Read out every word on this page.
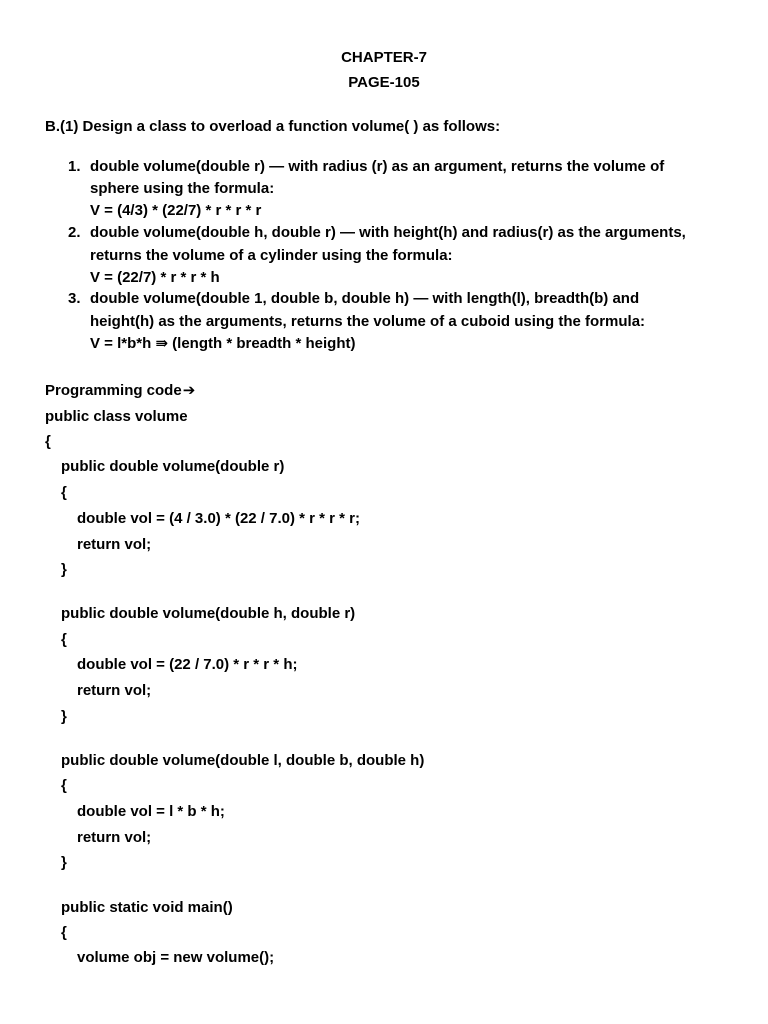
CHAPTER-7
PAGE-105
B.(1) Design a class to overload a function volume( ) as follows:
1. double volume(double r) — with radius (r) as an argument, returns the volume of
sphere using the formula:
V = (4/3) * (22/7) * r * r * r
2. double volume(double h, double r) — with height(h) and radius(r) as the arguments,
returns the volume of a cylinder using the formula:
V = (22/7) * r * r * h
3. double volume(double 1, double b, double h) — with length(l), breadth(b) and
height(h) as the arguments, returns the volume of a cuboid using the formula:
V = l*b*h ⇛ (length * breadth * height)
Programming code➔
public class volume
{
public double volume(double r)
{
double vol = (4 / 3.0) * (22 / 7.0) * r * r * r;
return vol;
}
public double volume(double h, double r)
{
double vol = (22 / 7.0) * r * r * h;
return vol;
}
public double volume(double l, double b, double h)
{
double vol = l * b * h;
return vol;
}
public static void main()
{
volume obj = new volume();
